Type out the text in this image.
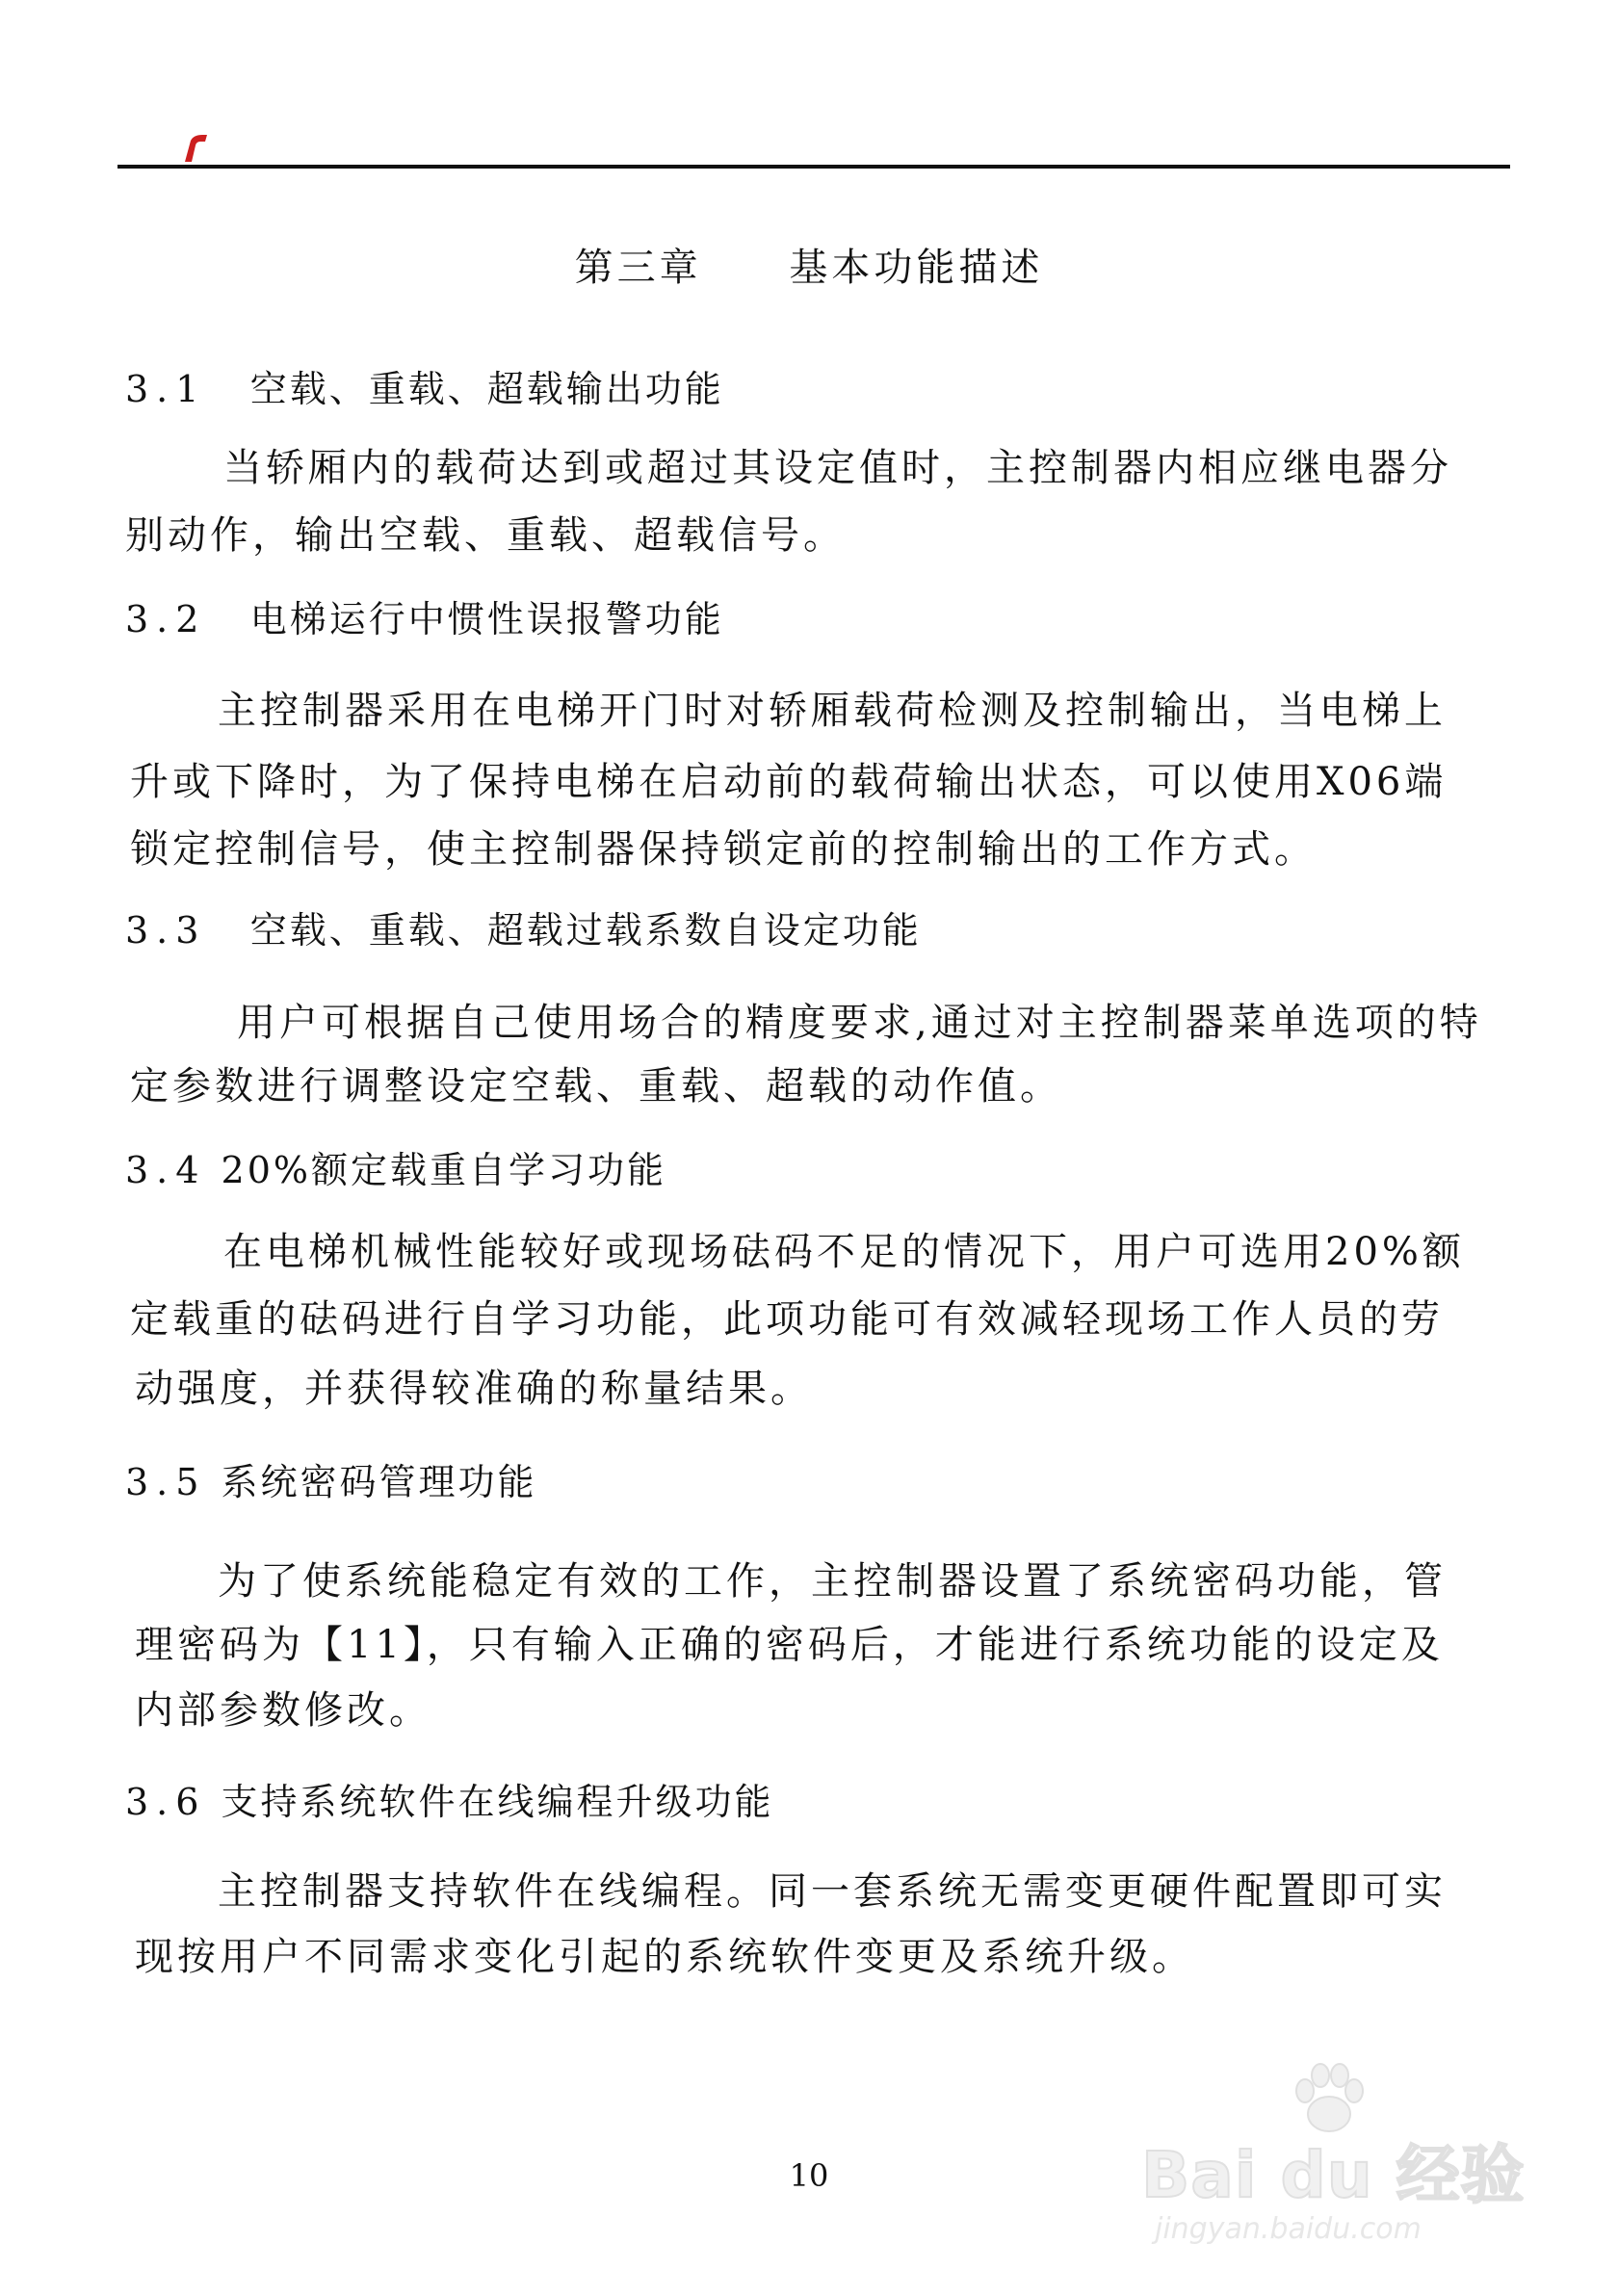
第三章　 基本功能描述
3.1 空载、重载、超载输出功能
当轿厢内的载荷达到或超过其设定值时，主控制器内相应继电器分
别动作，输出空载、重载、超载信号。
3.2 电梯运行中惯性误报警功能
主控制器采用在电梯开门时对轿厢载荷检测及控制输出，当电梯上
升或下降时，为了保持电梯在启动前的载荷输出状态，可以使用X06端
锁定控制信号，使主控制器保持锁定前的控制输出的工作方式。
3.3 空载、重载、超载过载系数自设定功能
用户可根据自己使用场合的精度要求,通过对主控制器菜单选项的特
定参数进行调整设定空载、重载、超载的动作值。
3.4 20%额定载重自学习功能
在电梯机械性能较好或现场砝码不足的情况下，用户可选用20%额
定载重的砝码进行自学习功能，此项功能可有效减轻现场工作人员的劳
动强度，并获得较准确的称量结果。
3.5 系统密码管理功能
为了使系统能稳定有效的工作，主控制器设置了系统密码功能，管
理密码为【11】，只有输入正确的密码后，才能进行系统功能的设定及
内部参数修改。
3.6 支持系统软件在线编程升级功能
主控制器支持软件在线编程。同一套系统无需变更硬件配置即可实
现按用户不同需求变化引起的系统软件变更及系统升级。
10	Bai du 经验
jingyan.baidu.com
